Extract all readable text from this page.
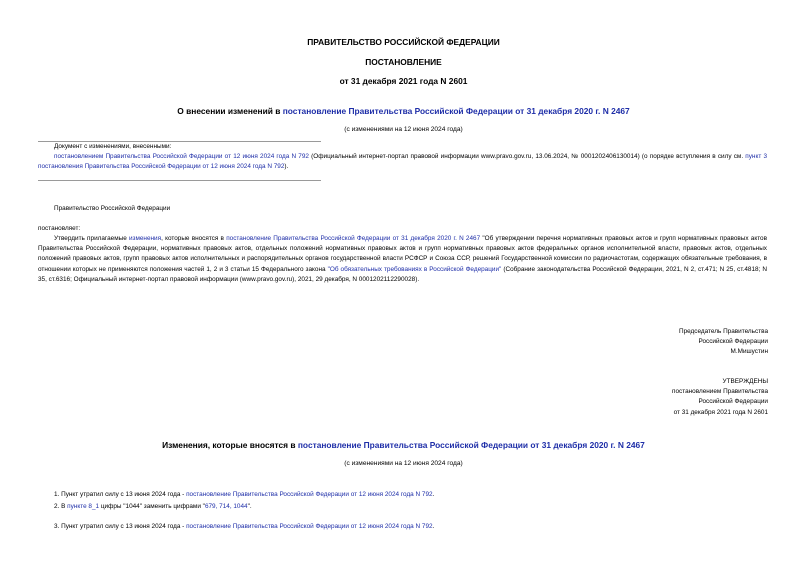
ПРАВИТЕЛЬСТВО РОССИЙСКОЙ ФЕДЕРАЦИИ
ПОСТАНОВЛЕНИЕ
от 31 декабря 2021 года N 2601
О внесении изменений в постановление Правительства Российской Федерации от 31 декабря 2020 г. N 2467
(с изменениями на 12 июня 2024 года)
Документ с изменениями, внесенными:
постановлением Правительства Российской Федерации от 12 июня 2024 года N 792 (Официальный интернет-портал правовой информации www.pravo.gov.ru, 13.06.2024, № 0001202406130014) (о порядке вступления в силу см. пункт 3 постановления Правительства Российской Федерации от 12 июня 2024 года N 792).
Правительство Российской Федерации
постановляет:
Утвердить прилагаемые изменения, которые вносятся в постановление Правительства Российской Федерации от 31 декабря 2020 г. N 2467 "Об утверждении перечня нормативных правовых актов и групп нормативных правовых актов Правительства Российской Федерации, нормативных правовых актов, отдельных положений нормативных правовых актов и групп нормативных правовых актов федеральных органов исполнительной власти, правовых актов, отдельных положений правовых актов, групп правовых актов исполнительных и распорядительных органов государственной власти РСФСР и Союза ССР, решений Государственной комиссии по радиочастотам, содержащих обязательные требования, в отношении которых не применяются положения частей 1, 2 и 3 статьи 15 Федерального закона "Об обязательных требованиях в Российской Федерации" (Собрание законодательства Российской Федерации, 2021, N 2, ст.471; N 25, ст.4818; N 35, ст.6316; Официальный интернет-портал правовой информации (www.pravo.gov.ru), 2021, 29 декабря, N 0001202112290028).
Председатель Правительства
Российской Федерации
М.Мишустин
УТВЕРЖДЕНЫ
постановлением Правительства
Российской Федерации
от 31 декабря 2021 года N 2601
Изменения, которые вносятся в постановление Правительства Российской Федерации от 31 декабря 2020 г. N 2467
(с изменениями на 12 июня 2024 года)
1. Пункт утратил силу с 13 июня 2024 года - постановление Правительства Российской Федерации от 12 июня 2024 года N 792.
2. В пункте 8_1 цифры "1044" заменить цифрами "679, 714, 1044".
3. Пункт утратил силу с 13 июня 2024 года - постановление Правительства Российской Федерации от 12 июня 2024 года N 792.
